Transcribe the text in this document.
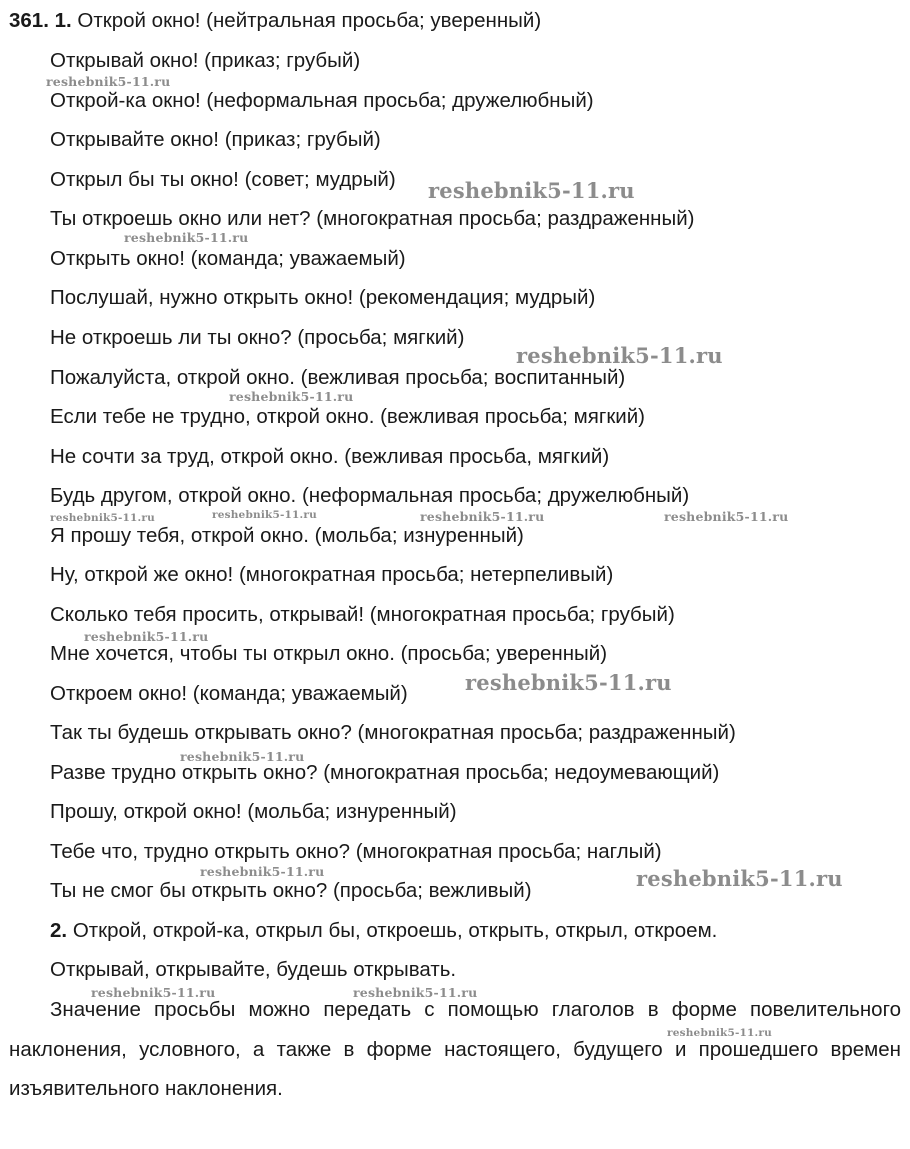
361. 1. Открой окно! (нейтральная просьба; уверенный)

Открывай окно! (приказ; грубый)

Открой-ка окно! (неформальная просьба; дружелюбный)

Открывайте окно! (приказ; грубый)

Открыл бы ты окно! (совет; мудрый)

Ты откроешь окно или нет? (многократная просьба; раздраженный)

Открыть окно! (команда; уважаемый)

Послушай, нужно открыть окно! (рекомендация; мудрый)

Не откроешь ли ты окно? (просьба; мягкий)

Пожалуйста, открой окно. (вежливая просьба; воспитанный)

Если тебе не трудно, открой окно. (вежливая просьба; мягкий)

Не сочти за труд, открой окно. (вежливая просьба, мягкий)

Будь другом, открой окно. (неформальная просьба; дружелюбный)

Я прошу тебя, открой окно. (мольба; изнуренный)

Ну, открой же окно! (многократная просьба; нетерпеливый)

Сколько тебя просить, открывай! (многократная просьба; грубый)

Мне хочется, чтобы ты открыл окно. (просьба; уверенный)

Откроем окно! (команда; уважаемый)

Так ты будешь открывать окно? (многократная просьба; раздраженный)

Разве трудно открыть окно? (многократная просьба; недоумевающий)

Прошу, открой окно! (мольба; изнуренный)

Тебе что, трудно открыть окно? (многократная просьба; наглый)

Ты не смог бы открыть окно? (просьба; вежливый)

2. Открой, открой-ка, открыл бы, откроешь, открыть, открыл, откроем.

Открывай, открывайте, будешь открывать.

Значение просьбы можно передать с помощью глаголов в форме повелительного наклонения, условного, а также в форме настоящего, будущего и прошедшего времен изъявительного наклонения.

reshebnik5-11.ru
reshebnik5-11.ru
reshebnik5-11.ru
reshebnik5-11.ru
reshebnik5-11.ru
reshebnik5-11.ru	reshebnik5-11.ru	reshebnik5-11.ru	reshebnik5-11.ru
reshebnik5-11.ru
reshebnik5-11.ru
reshebnik5-11.ru
reshebnik5-11.ru	reshebnik5-11.ru
reshebnik5-11.ru	reshebnik5-11.ru
reshebnik5-11.ru
